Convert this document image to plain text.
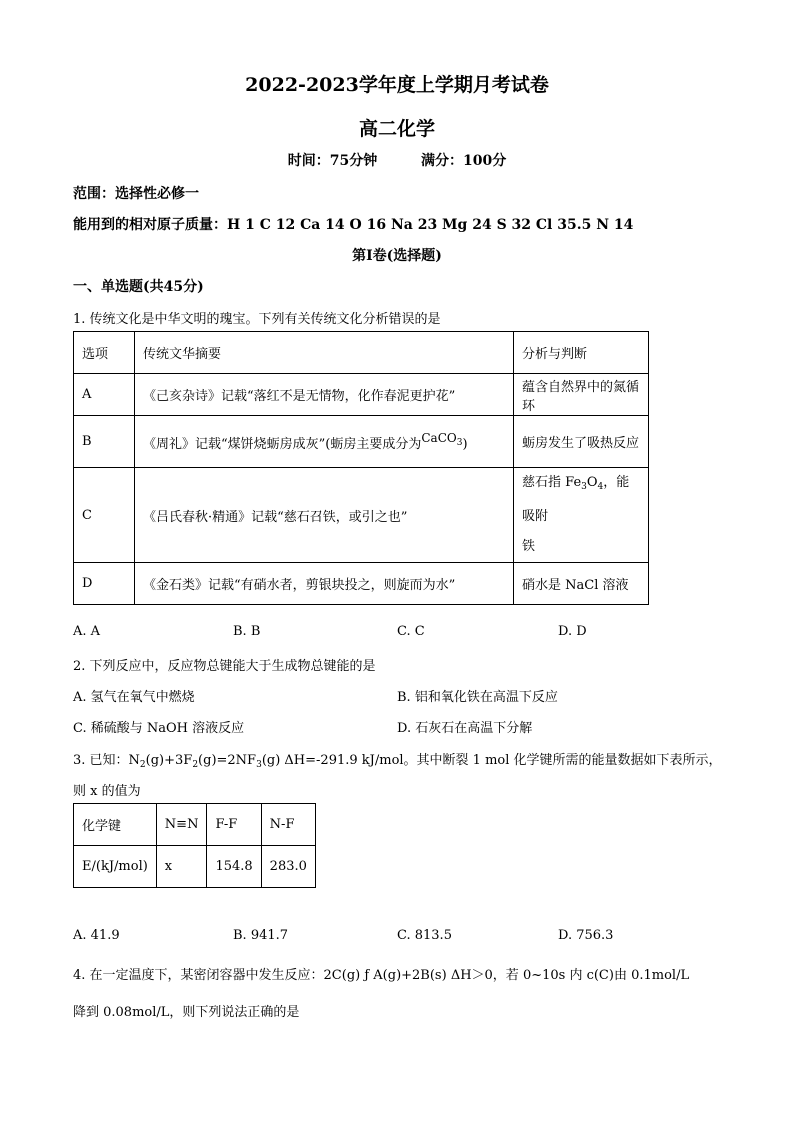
2022-2023学年度上学期月考试卷
高二化学
时间：75分钟	满分：100分
范围：选择性必修一
能用到的相对原子质量：H 1 C 12 Ca 14 O 16 Na 23 Mg 24 S 32 Cl 35.5 N 14
第Ⅰ卷(选择题)
一、单选题(共45分)
1. 传统文化是中华文明的瑰宝。下列有关传统文化分析错误的是
选项	传统文华摘要	分析与判断
A	《己亥杂诗》记载“落红不是无情物，化作春泥更护花”	蕴含自然界中的氮循环
B	《周礼》记载“煤饼烧蛎房成灰”(蛎房主要成分为CaCO$_3$)	蛎房发生了吸热反应
C	《吕氏春秋·精通》记载“慈石召铁，或引之也”	慈石指 $Fe_3O_4$，能吸附
铁
D	《金石类》记载“有硝水者，剪银块投之，则旋而为水”	硝水是 NaCl 溶液
A. A	B. B	C. C	D. D
2. 下列反应中，反应物总键能大于生成物总键能的是
A. 氢气在氧气中燃烧	B. 铝和氧化铁在高温下反应
C. 稀硫酸与 NaOH 溶液反应	D. 石灰石在高温下分解
3. 已知：$N_2(g)+3F_2(g)=2NF_3(g)$ ΔH=-291.9 kJ/mol。其中断裂 1 mol 化学键所需的能量数据如下表所示，
则 x 的值为
化学键	N≡N	F-F	N-F
E/(kJ/mol)	x	154.8	283.0
A. 41.9	B. 941.7	C. 813.5	D. 756.3
4. 在一定温度下，某密闭容器中发生反应：2C(g) ƒ A(g)+2B(s) ΔH＞0，若 0~10s 内 c(C)由 0.1mol/L
降到 0.08mol/L，则下列说法正确的是
